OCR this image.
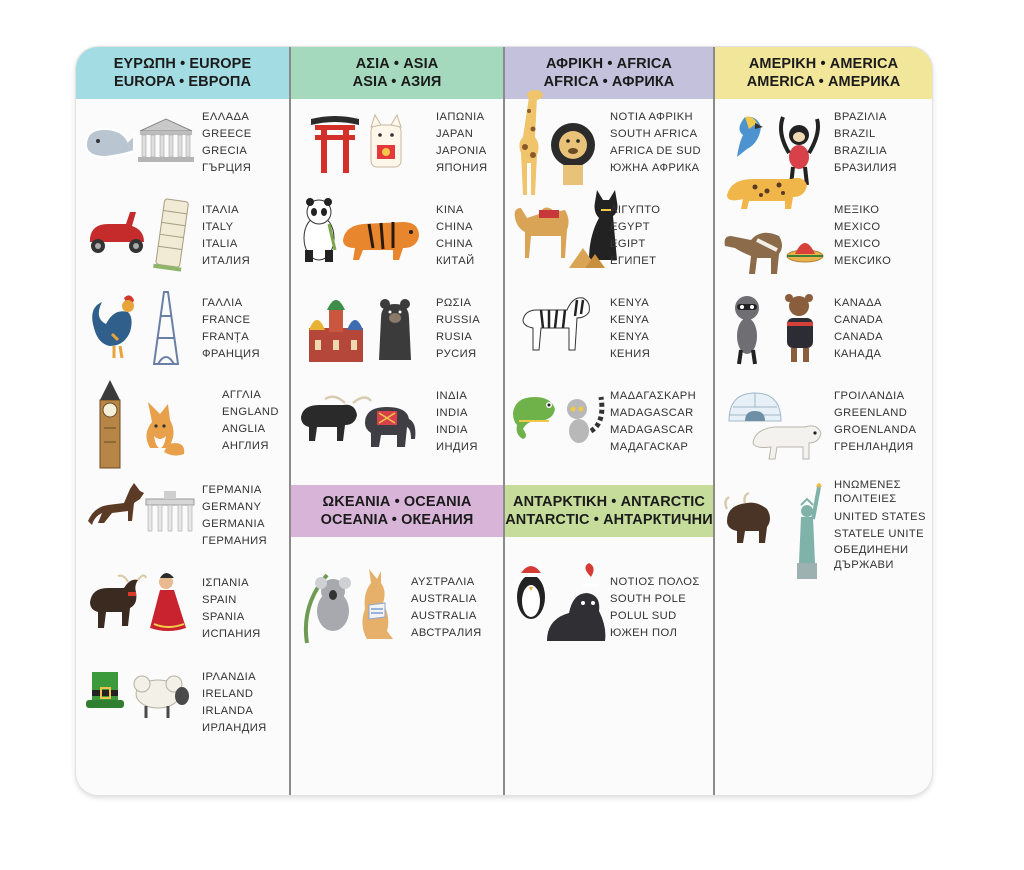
ΕΥΡΩΠΗ • EUROPE
EUROPA • ΕΒΡΟΠΑ
ΑΣΙΑ • ASIA
ASIA • АЗИЯ
ΑΦΡΙΚΗ • AFRICA
AFRICA • АФРИКА
ΑΜΕΡΙΚΗ • AMERICA
AMERICA • АМЕРИКА
ΩΚΕΑΝΙΑ • OCEANIA
OCEANIA • ОКЕАНИЯ
ΑΝΤΑΡΚΤΙΚΗ • ANTARCTIC
ANTARCTIC • АНТАРКТИЧНИ
ΕΛΛΑΔΑ
GREECE
GRECIA
ГЪРЦИЯ
ΙΤΑΛΙΑ
ITALY
ITALIA
ИТАЛИЯ
ΓΑΛΛΙΑ
FRANCE
FRANȚA
ФРАНЦИЯ
ΑΓΓΛΙΑ
ENGLAND
ANGLIA
АНГЛИЯ
ΓΕΡΜΑΝΙΑ
GERMANY
GERMANIA
ГЕРМАНИЯ
ΙΣΠΑΝΙΑ
SPAIN
SPANIA
ИСПАНИЯ
ΙΡΛΑΝΔΙΑ
IRELAND
IRLANDA
ИРЛАНДИЯ
ΙΑΠΩΝΙΑ
JAPAN
JAPONIA
ЯПОНИЯ
ΚΙΝΑ
CHINA
CHINA
КИТАЙ
ΡΩΣΙΑ
RUSSIA
RUSIA
РУСИЯ
ΙΝΔΙΑ
INDIA
INDIA
ИНДИЯ
ΑΥΣΤΡΑΛΙΑ
AUSTRALIA
AUSTRALIA
АВСТРАЛИЯ
ΝΟΤΙΑ ΑΦΡΙΚΗ
SOUTH AFRICA
AFRICA DE SUD
ЮЖНА АФРИКА
ΑΙΓΥΠΤΟ
EGYPT
EGIPT
ЕГИПЕТ
ΚΕΝΥΑ
KENYA
KENYA
КЕНИЯ
ΜΑΔΑΓΑΣΚΑΡΗ
MADAGASCAR
MADAGASCAR
МАДАГАСКАР
ΝΟΤΙΟΣ ΠΟΛΟΣ
SOUTH POLE
POLUL SUD
ЮЖЕН ПОЛ
ΒΡΑΖΙΛΙΑ
BRAZIL
BRAZILIA
БРАЗИЛИЯ
ΜΕΞΙΚΟ
MEXICO
MEXICO
МЕКСИКО
ΚΑΝΑΔΑ
CANADA
CANADA
КАНАДА
ΓΡΟΙΛΑΝΔΙΑ
GREENLAND
GROENLANDA
ГРЕНЛАНДИЯ
ΗΝΩΜΕΝΕΣ ΠΟΛΙΤΕΙΕΣ
UNITED STATES
STATELE UNITE
ОБЕДИНЕНИ ДЪРЖАВИ
